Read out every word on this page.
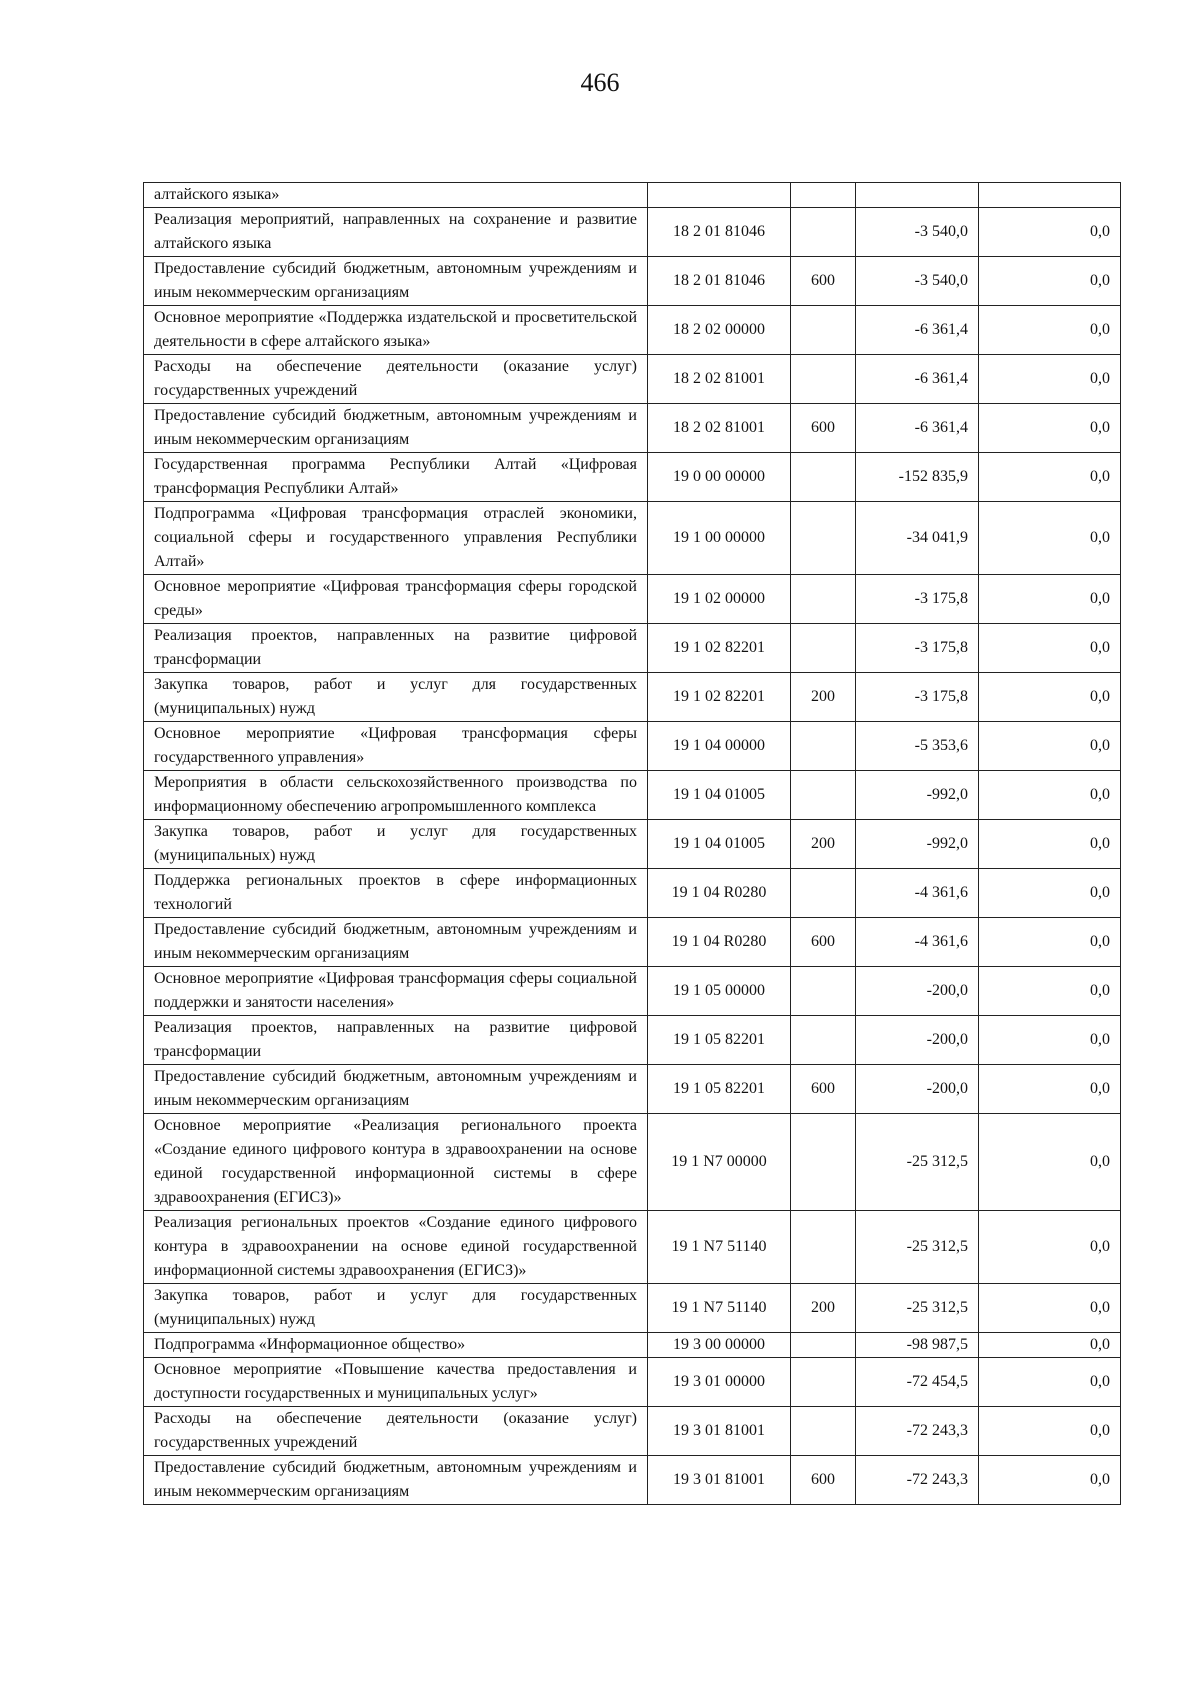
466
алтайского языка»				
Реализация мероприятий, направленных на сохранение и развитие алтайского языка	18 2 01 81046		-3 540,0	0,0
Предоставление субсидий бюджетным, автономным учреждениям и иным некоммерческим организациям	18 2 01 81046	600	-3 540,0	0,0
Основное мероприятие «Поддержка издательской и просветительской деятельности в сфере алтайского языка»	18 2 02 00000		-6 361,4	0,0
Расходы на обеспечение деятельности (оказание услуг) государственных учреждений	18 2 02 81001		-6 361,4	0,0
Предоставление субсидий бюджетным, автономным учреждениям и иным некоммерческим организациям	18 2 02 81001	600	-6 361,4	0,0
Государственная программа Республики Алтай «Цифровая трансформация Республики Алтай»	19 0 00 00000		-152 835,9	0,0
Подпрограмма «Цифровая трансформация отраслей экономики, социальной сферы и государственного управления Республики Алтай»	19 1 00 00000		-34 041,9	0,0
Основное мероприятие «Цифровая трансформация сферы городской среды»	19 1 02 00000		-3 175,8	0,0
Реализация проектов, направленных на развитие цифровой трансформации	19 1 02 82201		-3 175,8	0,0
Закупка товаров, работ и услуг для государственных (муниципальных) нужд	19 1 02 82201	200	-3 175,8	0,0
Основное мероприятие «Цифровая трансформация сферы государственного управления»	19 1 04 00000		-5 353,6	0,0
Мероприятия в области сельскохозяйственного производства по информационному обеспечению агропромышленного комплекса	19 1 04 01005		-992,0	0,0
Закупка товаров, работ и услуг для государственных (муниципальных) нужд	19 1 04 01005	200	-992,0	0,0
Поддержка региональных проектов в сфере информационных технологий	19 1 04 R0280		-4 361,6	0,0
Предоставление субсидий бюджетным, автономным учреждениям и иным некоммерческим организациям	19 1 04 R0280	600	-4 361,6	0,0
Основное мероприятие «Цифровая трансформация сферы социальной поддержки и занятости населения»	19 1 05 00000		-200,0	0,0
Реализация проектов, направленных на развитие цифровой трансформации	19 1 05 82201		-200,0	0,0
Предоставление субсидий бюджетным, автономным учреждениям и иным некоммерческим организациям	19 1 05 82201	600	-200,0	0,0
Основное мероприятие «Реализация регионального проекта «Создание единого цифрового контура в здравоохранении на основе единой государственной информационной системы в сфере здравоохранения (ЕГИСЗ)»	19 1 N7 00000		-25 312,5	0,0
Реализация региональных проектов «Создание единого цифрового контура в здравоохранении на основе единой государственной информационной системы здравоохранения (ЕГИСЗ)»	19 1 N7 51140		-25 312,5	0,0
Закупка товаров, работ и услуг для государственных (муниципальных) нужд	19 1 N7 51140	200	-25 312,5	0,0
Подпрограмма «Информационное общество»	19 3 00 00000		-98 987,5	0,0
Основное мероприятие «Повышение качества предоставления и доступности государственных и муниципальных услуг»	19 3 01 00000		-72 454,5	0,0
Расходы на обеспечение деятельности (оказание услуг) государственных учреждений	19 3 01 81001		-72 243,3	0,0
Предоставление субсидий бюджетным, автономным учреждениям и иным некоммерческим организациям	19 3 01 81001	600	-72 243,3	0,0
